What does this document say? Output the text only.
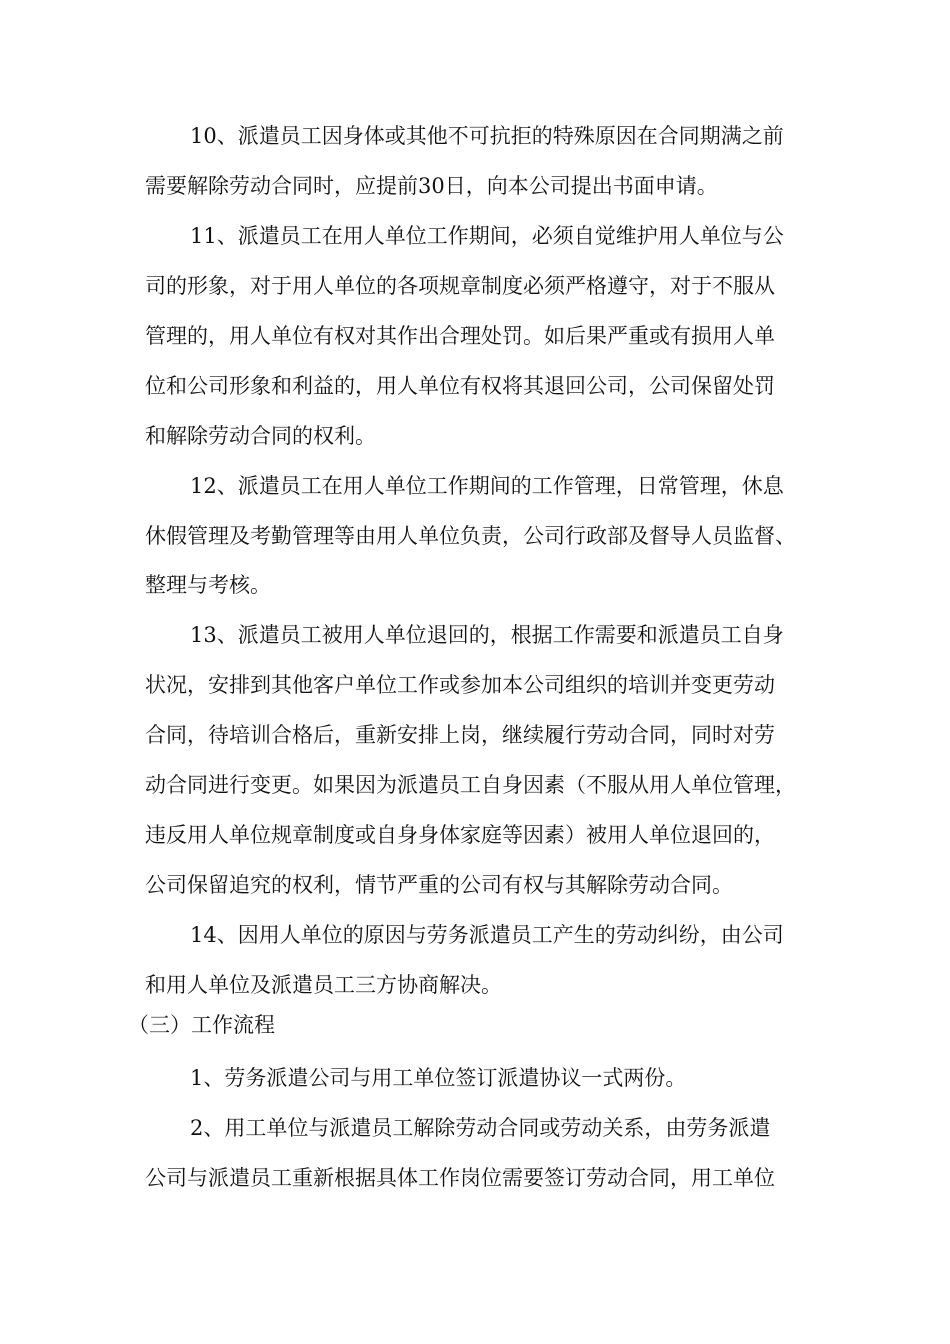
10、派遣员工因身体或其他不可抗拒的特殊原因在合同期满之前
需要解除劳动合同时，应提前30日，向本公司提出书面申请。
11、派遣员工在用人单位工作期间，必须自觉维护用人单位与公
司的形象，对于用人单位的各项规章制度必须严格遵守，对于不服从
管理的，用人单位有权对其作出合理处罚。如后果严重或有损用人单
位和公司形象和利益的，用人单位有权将其退回公司，公司保留处罚
和解除劳动合同的权利。
12、派遣员工在用人单位工作期间的工作管理，日常管理，休息
休假管理及考勤管理等由用人单位负责，公司行政部及督导人员监督、
整理与考核。
13、派遣员工被用人单位退回的，根据工作需要和派遣员工自身
状况，安排到其他客户单位工作或参加本公司组织的培训并变更劳动
合同，待培训合格后，重新安排上岗，继续履行劳动合同，同时对劳
动合同进行变更。如果因为派遣员工自身因素（不服从用人单位管理，
违反用人单位规章制度或自身身体家庭等因素）被用人单位退回的，
公司保留追究的权利，情节严重的公司有权与其解除劳动合同。
14、因用人单位的原因与劳务派遣员工产生的劳动纠纷，由公司
和用人单位及派遣员工三方协商解决。
（三）工作流程
1、劳务派遣公司与用工单位签订派遣协议一式两份。
2、用工单位与派遣员工解除劳动合同或劳动关系，由劳务派遣
公司与派遣员工重新根据具体工作岗位需要签订劳动合同，用工单位
